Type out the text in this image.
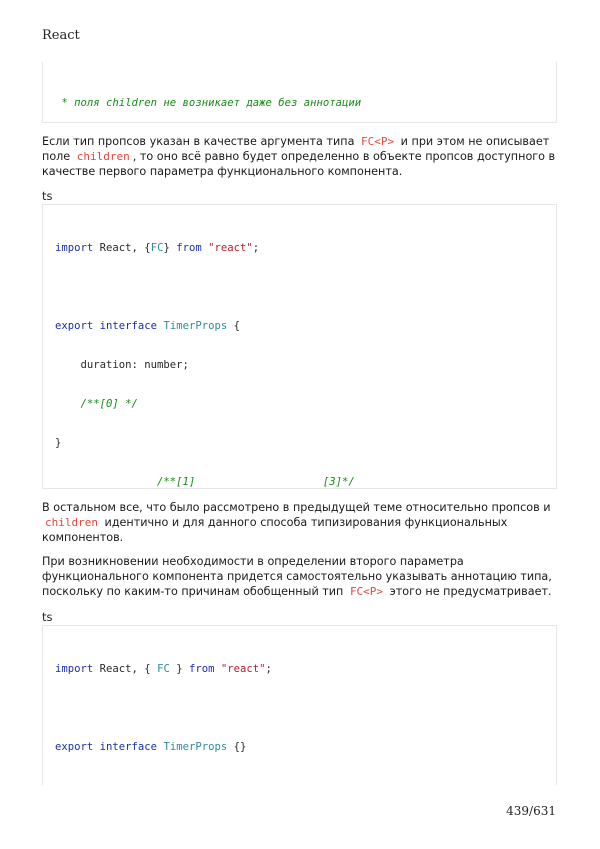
React

* поля children не возникает даже без аннотации

Если тип пропсов указан в качестве аргумента типа FC<P> и при этом не описывает поле children , то оно всё равно будет определенно в объекте пропсов доступного в качестве первого параметра функционального компонента.
ts

import React, {FC} from "react";

export interface TimerProps {

duration: number;

/**[0] */

}

/**[1]                    [3]*/

В остальном все, что было рассмотрено в предыдущей теме относительно пропсов и children идентично и для данного способа типизирования функциональных компонентов.
При возникновении необходимости в определении второго параметра функционального компонента придется самостоятельно указывать аннотацию типа, поскольку по каким-то причинам обобщенный тип FC<P> этого не предусматривает.
ts

import React, { FC } from "react";

export interface TimerProps {}

439/631
